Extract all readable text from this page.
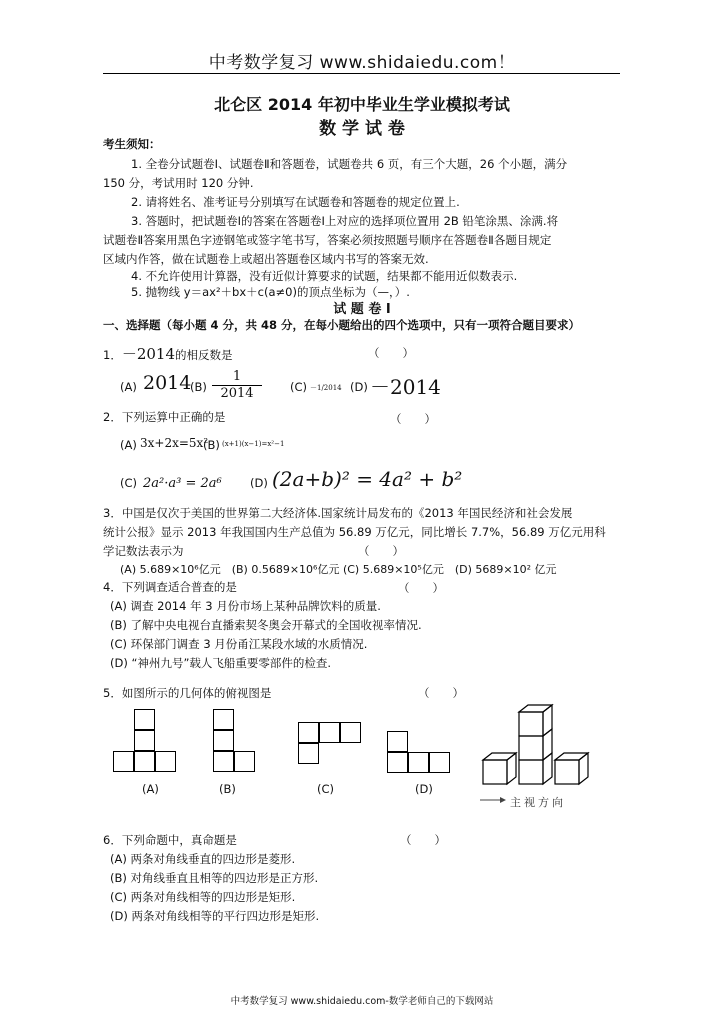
中考数学复习 www.shidaiedu.com！
北仑区 2014 年初中毕业生学业模拟考试
数 学 试 卷
考生须知：
1. 全卷分试题卷Ⅰ、试题卷Ⅱ和答题卷，试题卷共 6 页，有三个大题，26 个小题，满分
150 分，考试用时 120 分钟.
2. 请将姓名、准考证号分别填写在试题卷和答题卷的规定位置上.
3. 答题时，把试题卷Ⅰ的答案在答题卷Ⅰ上对应的选择项位置用 2B 铅笔涂黑、涂满.将
试题卷Ⅱ答案用黑色字迹钢笔或签字笔书写，答案必须按照题号顺序在答题卷Ⅱ各题目规定
区域内作答，做在试题卷上或超出答题卷区域内书写的答案无效.
4. 不允许使用计算器，没有近似计算要求的试题，结果都不能用近似数表示.
5. 抛物线 y＝ax²＋bx＋c(a≠0)的顶点坐标为（—，）.
试 题 卷 Ⅰ
一、选择题（每小题 4 分，共 48 分，在每小题给出的四个选项中，只有一项符合题目要求）
1．－2014的相反数是	（　　）
(A) 2014
(B)
1
2014	(C) －1/2014 (D) －2014
2．下列运算中正确的是	（　　）
(A) 3x+2x=5x²
(B) (x+1)(x−1)=x²−1
(C) 2a²·a³ = 2a⁶ (D) (2a+b)² = 4a² + b²
3．中国是仅次于美国的世界第二大经济体.国家统计局发布的《2013 年国民经济和社会发展
统计公报》显示 2013 年我国国内生产总值为 56.89 万亿元，同比增长 7.7%，56.89 万亿元用科
学记数法表示为	（　　）
(A) 5.689×10⁶亿元　(B) 0.5689×10⁶亿元 (C) 5.689×10⁵亿元　(D) 5689×10² 亿元
4．下列调查适合普查的是	（　　）
(A) 调查 2014 年 3 月份市场上某种品牌饮料的质量.
(B) 了解中央电视台直播索契冬奥会开幕式的全国收视率情况.
(C) 环保部门调查 3 月份甬江某段水域的水质情况.
(D) “神州九号”载人飞船重要零部件的检查.
5．如图所示的几何体的俯视图是	（　　）
(A)	(B)	(C)	(D)
主视方向
6．下列命题中，真命题是	（　　）
(A) 两条对角线垂直的四边形是菱形.
(B) 对角线垂直且相等的四边形是正方形.
(C) 两条对角线相等的四边形是矩形.
(D) 两条对角线相等的平行四边形是矩形.
中考数学复习 www.shidaiedu.com-数学老师自己的下载网站
